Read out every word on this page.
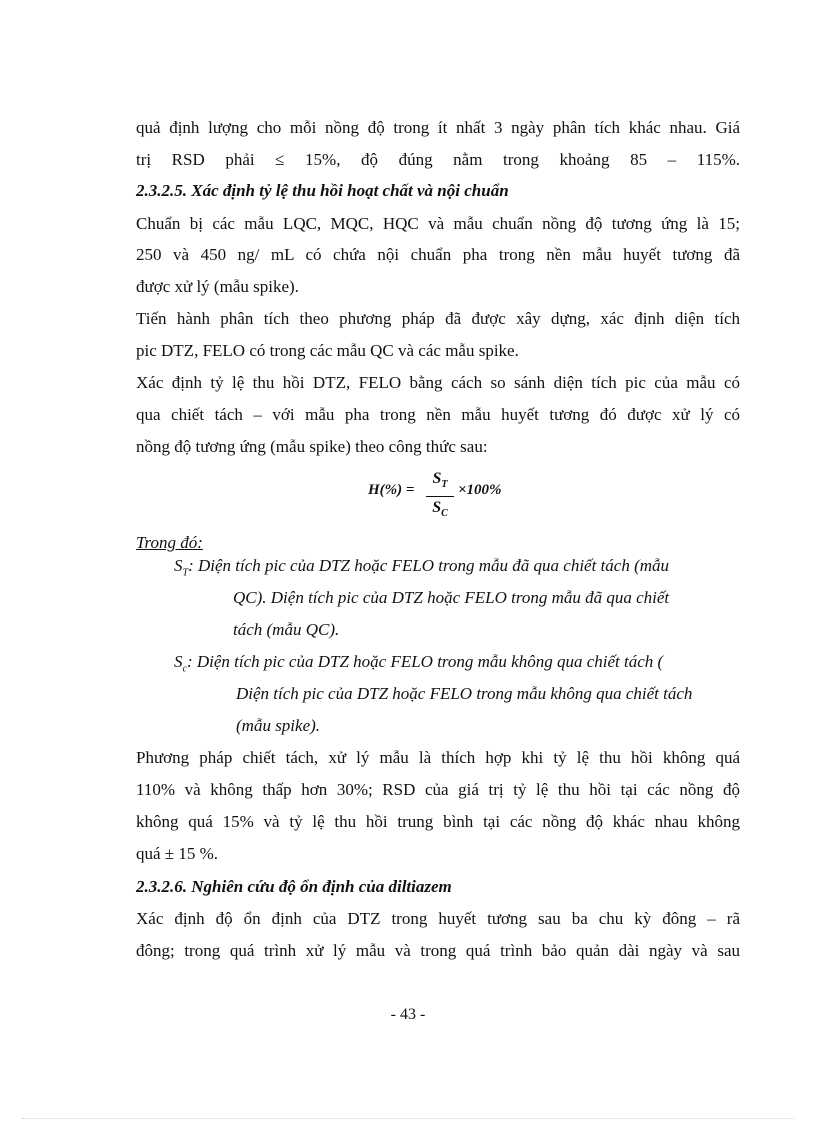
quả định lượng cho mỗi nồng độ trong ít nhất 3 ngày phân tích khác nhau. Giá
trị RSD phải ≤ 15%, độ đúng nằm trong khoảng 85 – 115%.
2.3.2.5. Xác định tỷ lệ thu hồi hoạt chất và nội chuẩn
Chuẩn bị các mẫu LQC, MQC, HQC và mẫu chuẩn nồng độ tương ứng là 15;
250 và 450 ng/ mL có chứa nội chuẩn pha trong nền mẫu huyết tương đã
được xử lý (mẫu spike).
Tiến hành phân tích theo phương pháp đã được xây dựng, xác định diện tích
pic DTZ, FELO có trong các mẫu QC và các mẫu spike.
Xác định tỷ lệ thu hồi DTZ, FELO bằng cách so sánh diện tích pic của mẫu có
qua chiết tách – với mẫu pha trong nền mẫu huyết tương đó được xử lý có
nồng độ tương ứng (mẫu spike) theo công thức sau:
H(%) =
$S_T$
$S_C$
×100%
Trong đó:
$S_T$: Diện tích pic của DTZ hoặc FELO trong mẫu đã qua chiết tách (mẫu
QC). Diện tích pic của DTZ hoặc FELO trong mẫu đã qua chiết
tách (mẫu QC).
$S_c$: Diện tích pic của DTZ hoặc FELO trong mẫu không qua chiết tách (
Diện tích pic của DTZ hoặc FELO trong mẫu không qua chiết tách
(mẫu spike).
Phương pháp chiết tách, xử lý mẫu là thích hợp khi tỷ lệ thu hồi không quá
110% và không thấp hơn 30%; RSD của giá trị tỷ lệ thu hồi tại các nồng độ
không quá 15% và tỷ lệ thu hồi trung bình tại các nồng độ khác nhau không
quá ± 15 %.
2.3.2.6. Nghiên cứu độ ổn định của diltiazem
Xác định độ ổn định của DTZ trong huyết tương sau ba chu kỳ đông – rã
đông; trong quá trình xử lý mẫu và trong quá trình bảo quản dài ngày và sau
- 43 -
